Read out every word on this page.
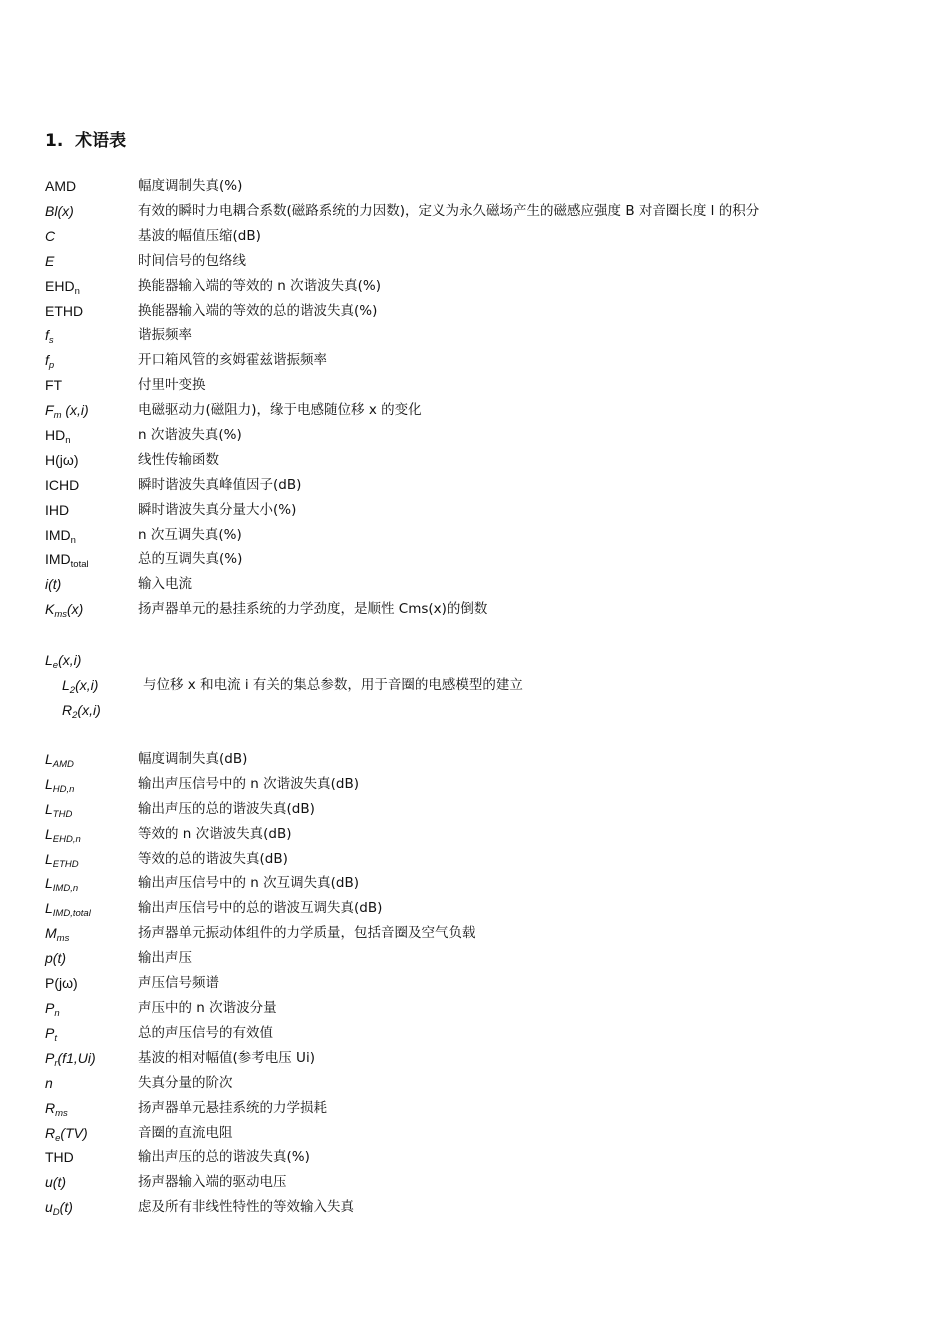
1. 术语表
AMD	幅度调制失真(%)
Bl(x)	有效的瞬时力电耦合系数(磁路系统的力因数)，定义为永久磁场产生的磁感应强度 B 对音圈长度 l 的积分
C	基波的幅值压缩(dB)
E	时间信号的包络线
$EHD_n$	换能器输入端的等效的 n 次谐波失真(%)
ETHD	换能器输入端的等效的总的谐波失真(%)
$f_s$	谐振频率
$f_p$	开口箱风管的亥姆霍兹谐振频率
FT	付里叶变换
$F_m$ (x,i)	电磁驱动力(磁阻力)，缘于电感随位移 x 的变化
$HD_n$	n 次谐波失真(%)
H(jω)	线性传输函数
ICHD	瞬时谐波失真峰值因子(dB)
IHD	瞬时谐波失真分量大小(%)
$IMD_n$	n 次互调失真(%)
$IMD_{total}$	总的互调失真(%)
i(t)	输入电流
$K_{ms}(x)$	扬声器单元的悬挂系统的力学劲度，是顺性 Cms(x)的倒数
$L_e(x,i)$
$L_2(x,i)$	与位移 x 和电流 i 有关的集总参数，用于音圈的电感模型的建立
$R_2(x,i)$
$L_{AMD}$	幅度调制失真(dB)
$L_{HD,n}$	输出声压信号中的 n 次谐波失真(dB)
$L_{THD}$	输出声压的总的谐波失真(dB)
$L_{EHD,n}$	等效的 n 次谐波失真(dB)
$L_{ETHD}$	等效的总的谐波失真(dB)
$L_{IMD,n}$	输出声压信号中的 n 次互调失真(dB)
$L_{IMD,total}$	输出声压信号中的总的谐波互调失真(dB)
$M_{ms}$	扬声器单元振动体组件的力学质量，包括音圈及空气负载
p(t)	输出声压
P(jω)	声压信号频谱
$P_n$	声压中的 n 次谐波分量
$P_t$	总的声压信号的有效值
$P_r(f1,Ui)$	基波的相对幅值(参考电压 Ui)
n	失真分量的阶次
$R_{ms}$	扬声器单元悬挂系统的力学损耗
$R_e(TV)$	音圈的直流电阻
THD	输出声压的总的谐波失真(%)
u(t)	扬声器输入端的驱动电压
$u_D(t)$	虑及所有非线性特性的等效输入失真
